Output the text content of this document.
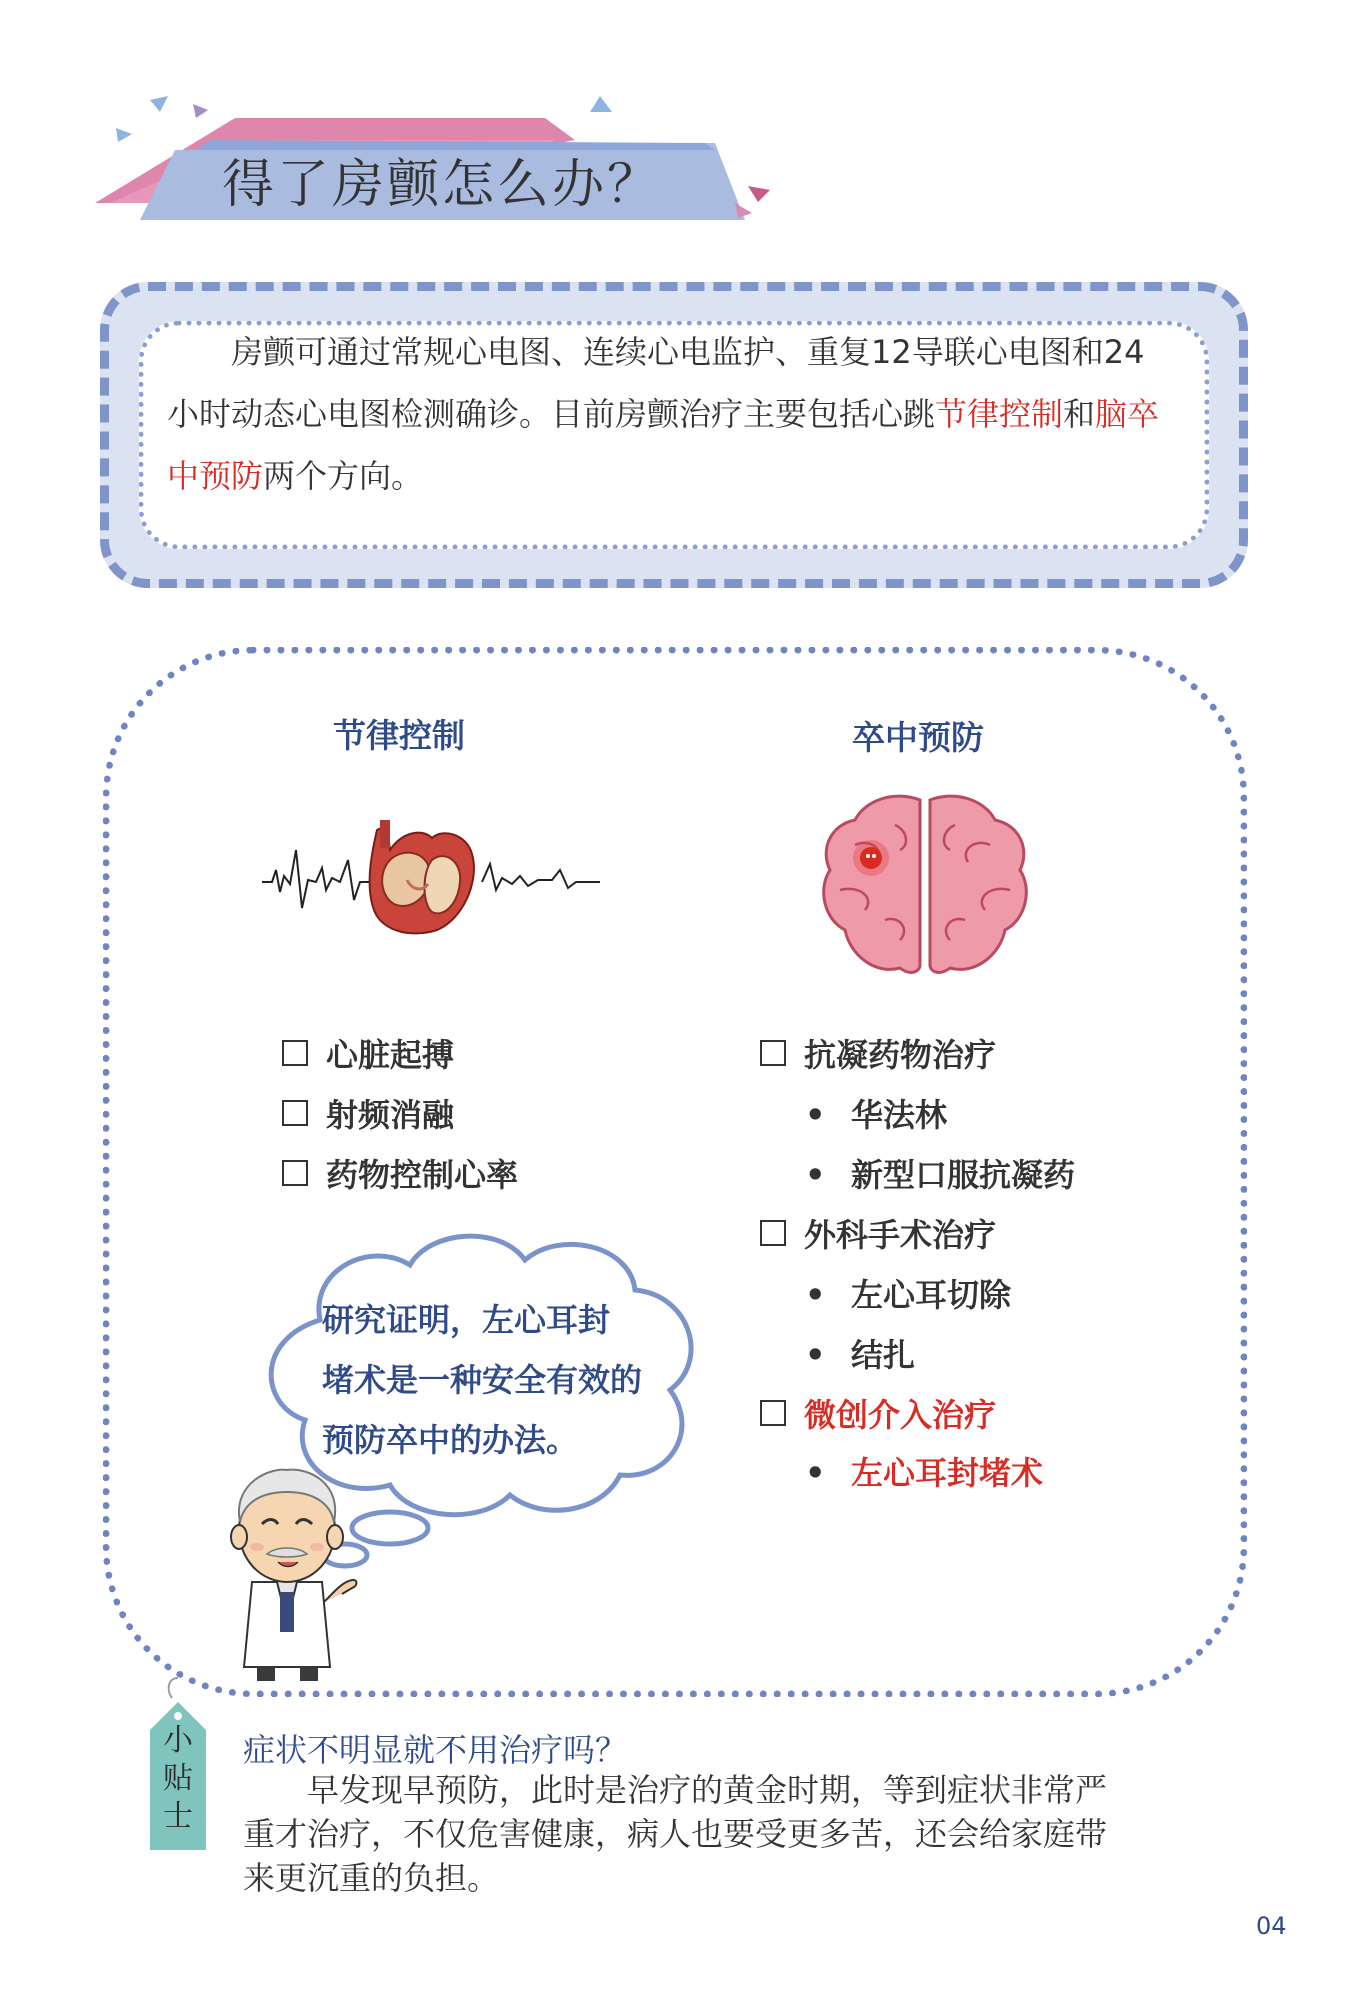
得了房颤怎么办？
房颤可通过常规心电图、连续心电监护、重复12导联心电图和24小时动态心电图检测确诊。目前房颤治疗主要包括心跳节律控制和脑卒中预防两个方向。
节律控制	卒中预防
心脏起搏
射频消融
药物控制心率
抗凝药物治疗
• 华法林
• 新型口服抗凝药
外科手术治疗
• 左心耳切除
• 结扎
微创介入治疗
• 左心耳封堵术
研究证明，左心耳封
堵术是一种安全有效的
预防卒中的办法。
小
贴
士
症状不明显就不用治疗吗？
　　早发现早预防，此时是治疗的黄金时期，等到症状非常严重才治疗，不仅危害健康，病人也要受更多苦，还会给家庭带来更沉重的负担。
04
